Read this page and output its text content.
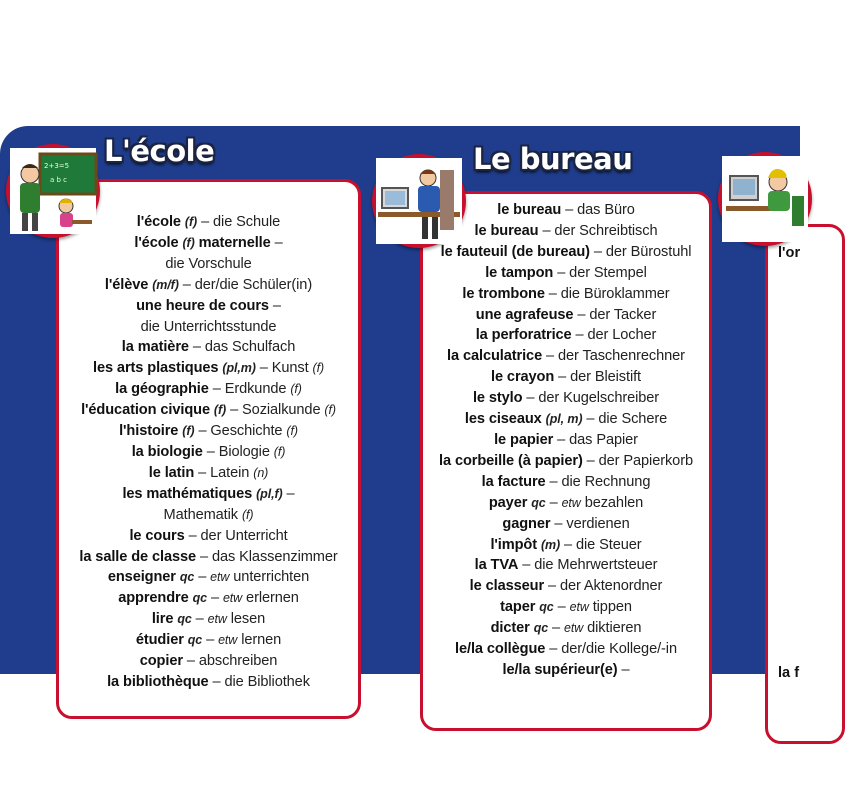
l'école (f) – die Schule
l'école (f) maternelle –
die Vorschule
l'élève (m/f) – der/die Schüler(in)
une heure de cours –
die Unterrichtsstunde
la matière – das Schulfach
les arts plastiques (pl,m) – Kunst (f)
la géographie – Erdkunde (f)
l'éducation civique (f) – Sozialkunde (f)
l'histoire (f) – Geschichte (f)
la biologie – Biologie (f)
le latin – Latein (n)
les mathématiques (pl,f) –
Mathematik (f)
le cours – der Unterricht
la salle de classe – das Klassenzimmer
enseigner qc – etw unterrichten
apprendre qc – etw erlernen
lire qc – etw lesen
étudier qc – etw lernen
copier – abschreiben
la bibliothèque – die Bibliothek
2+3=5
a b c
L'école
le bureau – das Büro
le bureau – der Schreibtisch
le fauteuil (de bureau) – der Bürostuhl
le tampon – der Stempel
le trombone – die Büroklammer
une agrafeuse – der Tacker
la perforatrice – der Locher
la calculatrice – der Taschenrechner
le crayon – der Bleistift
le stylo – der Kugelschreiber
les ciseaux (pl, m) – die Schere
le papier – das Papier
la corbeille (à papier) – der Papierkorb
la facture – die Rechnung
payer qc – etw bezahlen
gagner – verdienen
l'impôt (m) – die Steuer
la TVA – die Mehrwertsteuer
le classeur – der Aktenordner
taper qc – etw tippen
dicter qc – etw diktieren
le/la collègue – der/die Kollege/-in
le/la supérieur(e) –
Le bureau
l'or
la f
